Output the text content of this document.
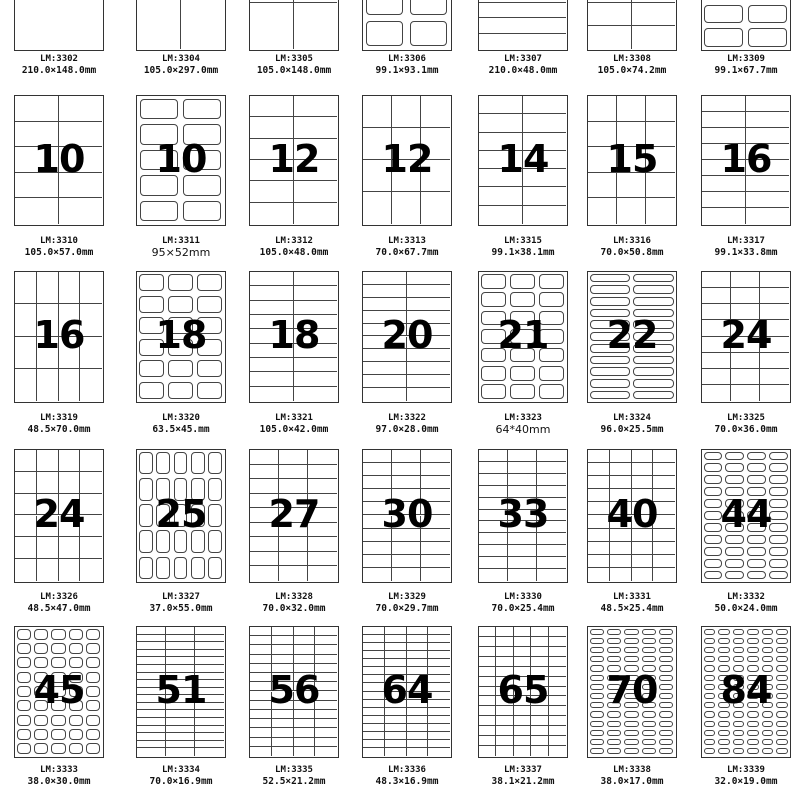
LM:3302
210.0×148.0mm
LM:3304
105.0×297.0mm
LM:3305
105.0×148.0mm
LM:3306
99.1×93.1mm
LM:3307
210.0×48.0mm
LM:3308
105.0×74.2mm
LM:3309
99.1×67.7mm
10
LM:3310
105.0×57.0mm
10
LM:3311
95×52mm
12
LM:3312
105.0×48.0mm
12
LM:3313
70.0×67.7mm
14
LM:3315
99.1×38.1mm
15
LM:3316
70.0×50.8mm
16
LM:3317
99.1×33.8mm
16
LM:3319
48.5×70.0mm
18
LM:3320
63.5×45.mm
18
LM:3321
105.0×42.0mm
20
LM:3322
97.0×28.0mm
21
LM:3323
64*40mm
22
LM:3324
96.0×25.5mm
24
LM:3325
70.0×36.0mm
24
LM:3326
48.5×47.0mm
25
LM:3327
37.0×55.0mm
27
LM:3328
70.0×32.0mm
30
LM:3329
70.0×29.7mm
33
LM:3330
70.0×25.4mm
40
LM:3331
48.5×25.4mm
44
LM:3332
50.0×24.0mm
45
LM:3333
38.0×30.0mm
51
LM:3334
70.0×16.9mm
56
LM:3335
52.5×21.2mm
64
LM:3336
48.3×16.9mm
65
LM:3337
38.1×21.2mm
70
LM:3338
38.0×17.0mm
84
LM:3339
32.0×19.0mm
